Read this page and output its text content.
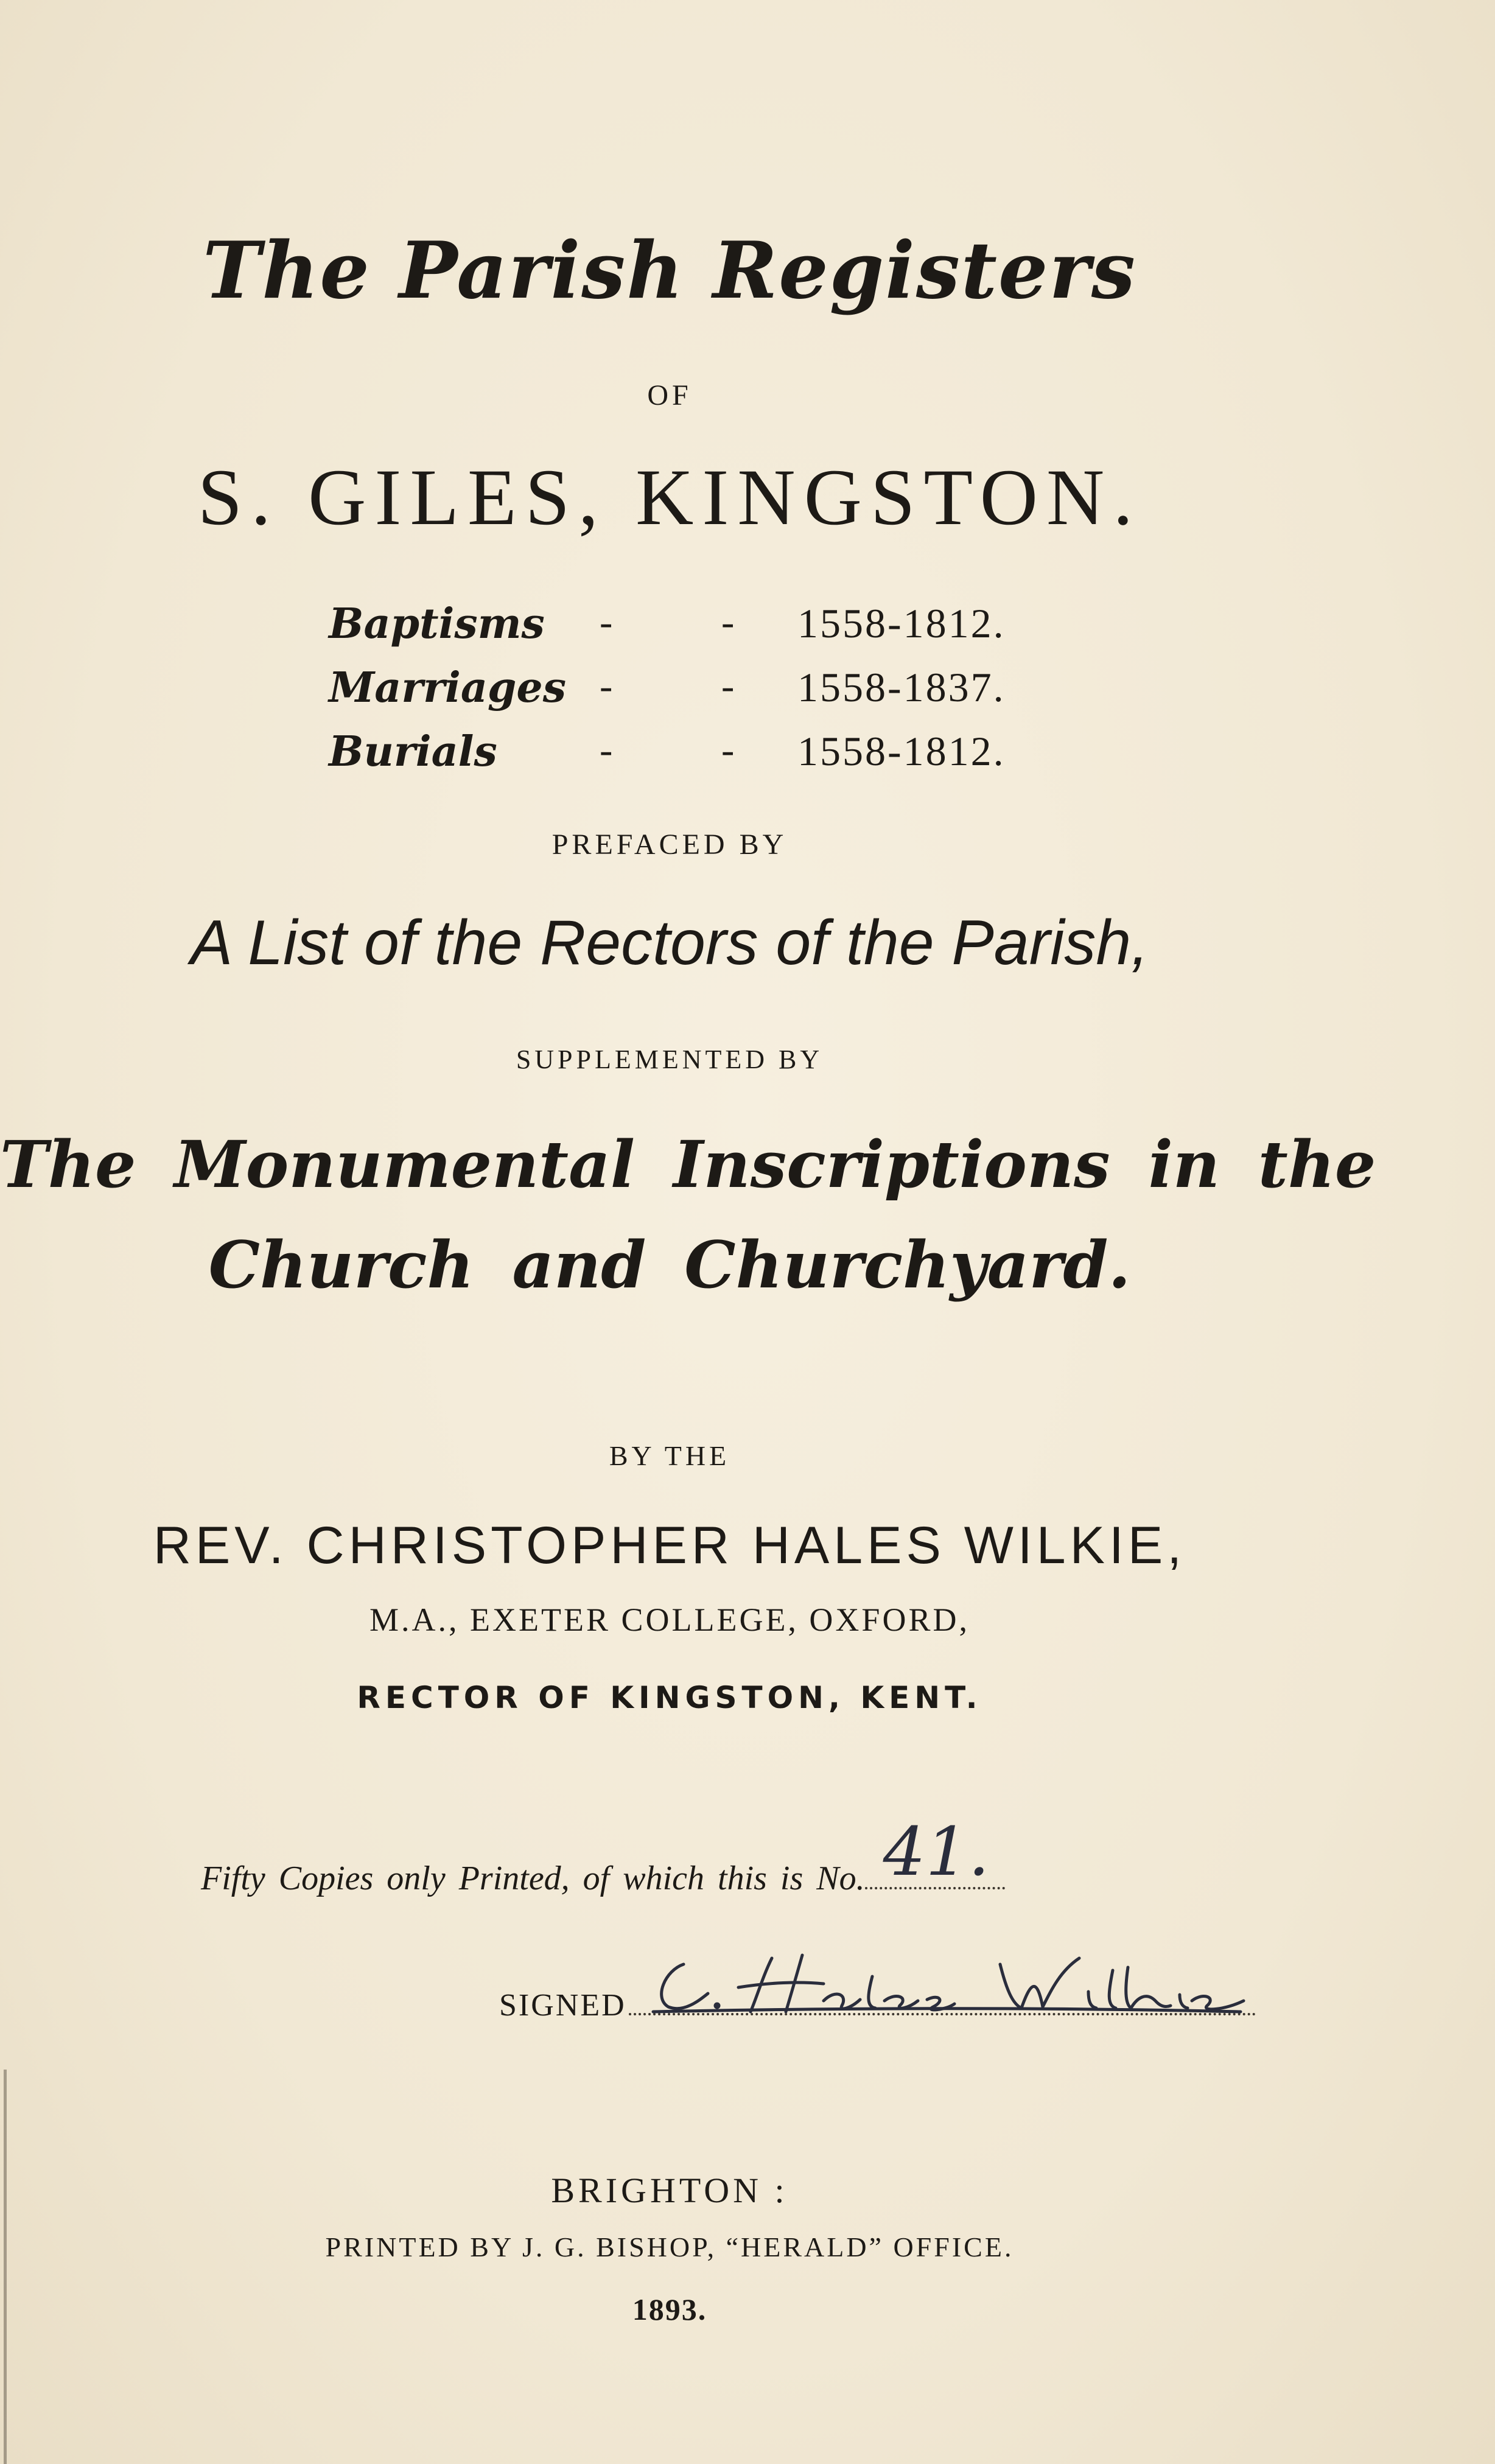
The Parish Registers
OF
S. GILES, KINGSTON.
Baptisms -	- 1558-1812.
Marriages -	- 1558-1837.
Burials	-	- 1558-1812.
PREFACED BY
A List of the Rectors of the Parish,
SUPPLEMENTED BY
The Monumental Inscriptions in the
Church and Churchyard.
BY THE
REV. CHRISTOPHER HALES WILKIE,
M.A., EXETER COLLEGE, OXFORD,
RECTOR OF KINGSTON, KENT.
Fifty Copies only Printed, of which this is No. 41.
SIGNED
BRIGHTON :
PRINTED BY J. G. BISHOP, “HERALD” OFFICE.
1893.
